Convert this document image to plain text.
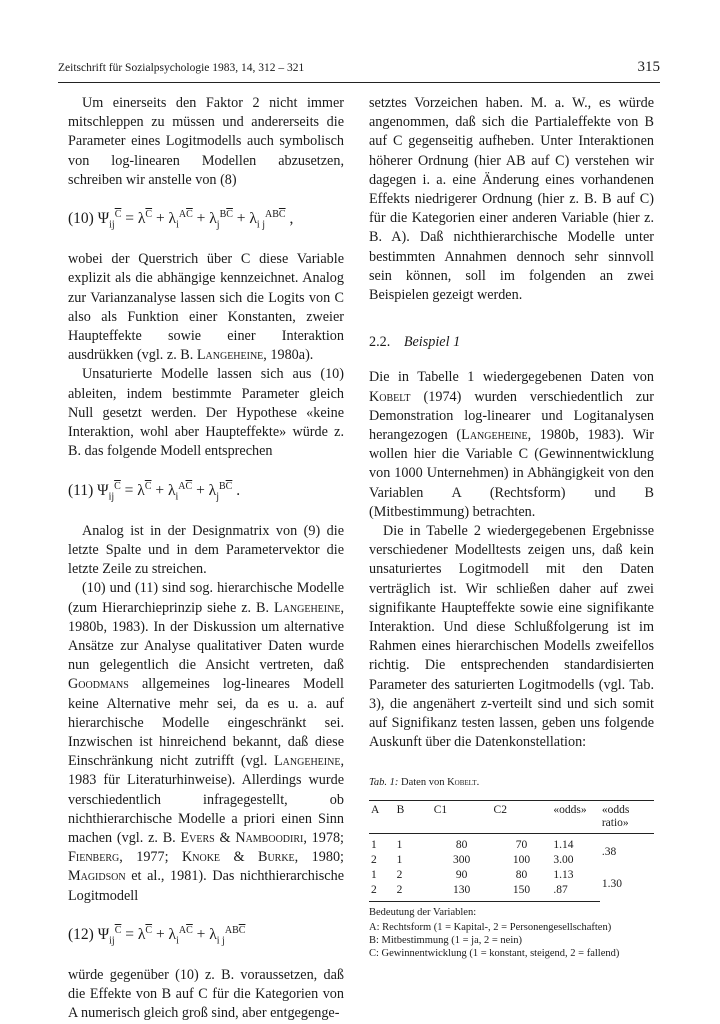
Zeitschrift für Sozialpsychologie 1983, 14, 312 – 321	315

Um einerseits den Faktor 2 nicht immer mitschleppen zu müssen und andererseits die Parameter eines Logitmodells auch symbolisch von log-linearen Modellen abzusetzen, schreiben wir anstelle von (8)

(10) $\Psi_{ij}^{\overline{C}} = \lambda^{\overline{C}} + \lambda_i^{A\overline{C}} + \lambda_j^{B\overline{C}} + \lambda_{i j}^{AB\overline{C}}$ ,

wobei der Querstrich über C diese Variable explizit als die abhängige kennzeichnet. Analog zur Varianzanalyse lassen sich die Logits von C also als Funktion einer Konstanten, zweier Haupteffekte sowie einer Interaktion ausdrükken (vgl. z. B. Langeheine, 1980a).

Unsaturierte Modelle lassen sich aus (10) ableiten, indem bestimmte Parameter gleich Null gesetzt werden. Der Hypothese «keine Interaktion, wohl aber Haupteffekte» würde z. B. das folgende Modell entsprechen

(11) $\Psi_{ij}^{\overline{C}} = \lambda^{\overline{C}} + \lambda_i^{A\overline{C}} + \lambda_j^{B\overline{C}}$ .

Analog ist in der Designmatrix von (9) die letzte Spalte und in dem Parametervektor die letzte Zeile zu streichen.

(10) und (11) sind sog. hierarchische Modelle (zum Hierarchieprinzip siehe z. B. Langeheine, 1980b, 1983). In der Diskussion um alternative Ansätze zur Analyse qualitativer Daten wurde nun gelegentlich die Ansicht vertreten, daß Goodmans allgemeines log-lineares Modell keine Alternative mehr sei, da es u. a. auf hierarchische Modelle eingeschränkt sei. Inzwischen ist hinreichend bekannt, daß diese Einschränkung nicht zutrifft (vgl. Langeheine, 1983 für Literaturhinweise). Allerdings wurde verschiedentlich infragegestellt, ob nichthierarchische Modelle a priori einen Sinn machen (vgl. z. B. Evers & Namboodiri, 1978; Fienberg, 1977; Knoke & Burke, 1980; Magidson et al., 1981). Das nichthierarchische Logitmodell

(12) $\Psi_{ij}^{\overline{C}} = \lambda^{\overline{C}} + \lambda_i^{A\overline{C}} + \lambda_{i j}^{AB\overline{C}}$

würde gegenüber (10) z. B. voraussetzen, daß die Effekte von B auf C für die Kategorien von A numerisch gleich groß sind, aber entgegenge-

setztes Vorzeichen haben. M. a. W., es würde angenommen, daß sich die Partialeffekte von B auf C gegenseitig aufheben. Unter Interaktionen höherer Ordnung (hier AB auf C) verstehen wir dagegen i. a. eine Änderung eines vorhandenen Effekts niedrigerer Ordnung (hier z. B. B auf C) für die Kategorien einer anderen Variable (hier z. B. A). Daß nichthierarchische Modelle unter bestimmten Annahmen dennoch sehr sinnvoll sein können, soll im folgenden an zwei Beispielen gezeigt werden.

2.2. Beispiel 1

Die in Tabelle 1 wiedergegebenen Daten von Kobelt (1974) wurden verschiedentlich zur Demonstration log-linearer und Logitanalysen herangezogen (Langeheine, 1980b, 1983). Wir wollen hier die Variable C (Gewinnentwicklung von 1000 Unternehmen) in Abhängigkeit von den Variablen A (Rechtsform) und B (Mitbestimmung) betrachten.

Die in Tabelle 2 wiedergegebenen Ergebnisse verschiedener Modelltests zeigen uns, daß kein unsaturiertes Logitmodell mit den Daten verträglich ist. Wir schließen daher auf zwei signifikante Haupteffekte sowie eine signifikante Interaktion. Und diese Schlußfolgerung ist im Rahmen eines hierarchischen Modells zweifellos richtig. Die entsprechenden standardisierten Parameter des saturierten Logitmodells (vgl. Tab. 3), die angenähert z-verteilt sind und sich somit auf Signifikanz testen lassen, geben uns folgende Auskunft über die Datenkonstellation:

Tab. 1: Daten von Kobelt.
A	B	C1	C2	«odds»	«odds ratio»
1	1	80	70	1.14	.38
2	1	300	100	3.00	
1	2	90	80	1.13	1.30
2	2	130	150	.87	
Bedeutung der Variablen:
A: Rechtsform (1 = Kapital-, 2 = Personengesellschaften)
B: Mitbestimmung (1 = ja, 2 = nein)
C: Gewinnentwicklung (1 = konstant, steigend, 2 = fallend)
